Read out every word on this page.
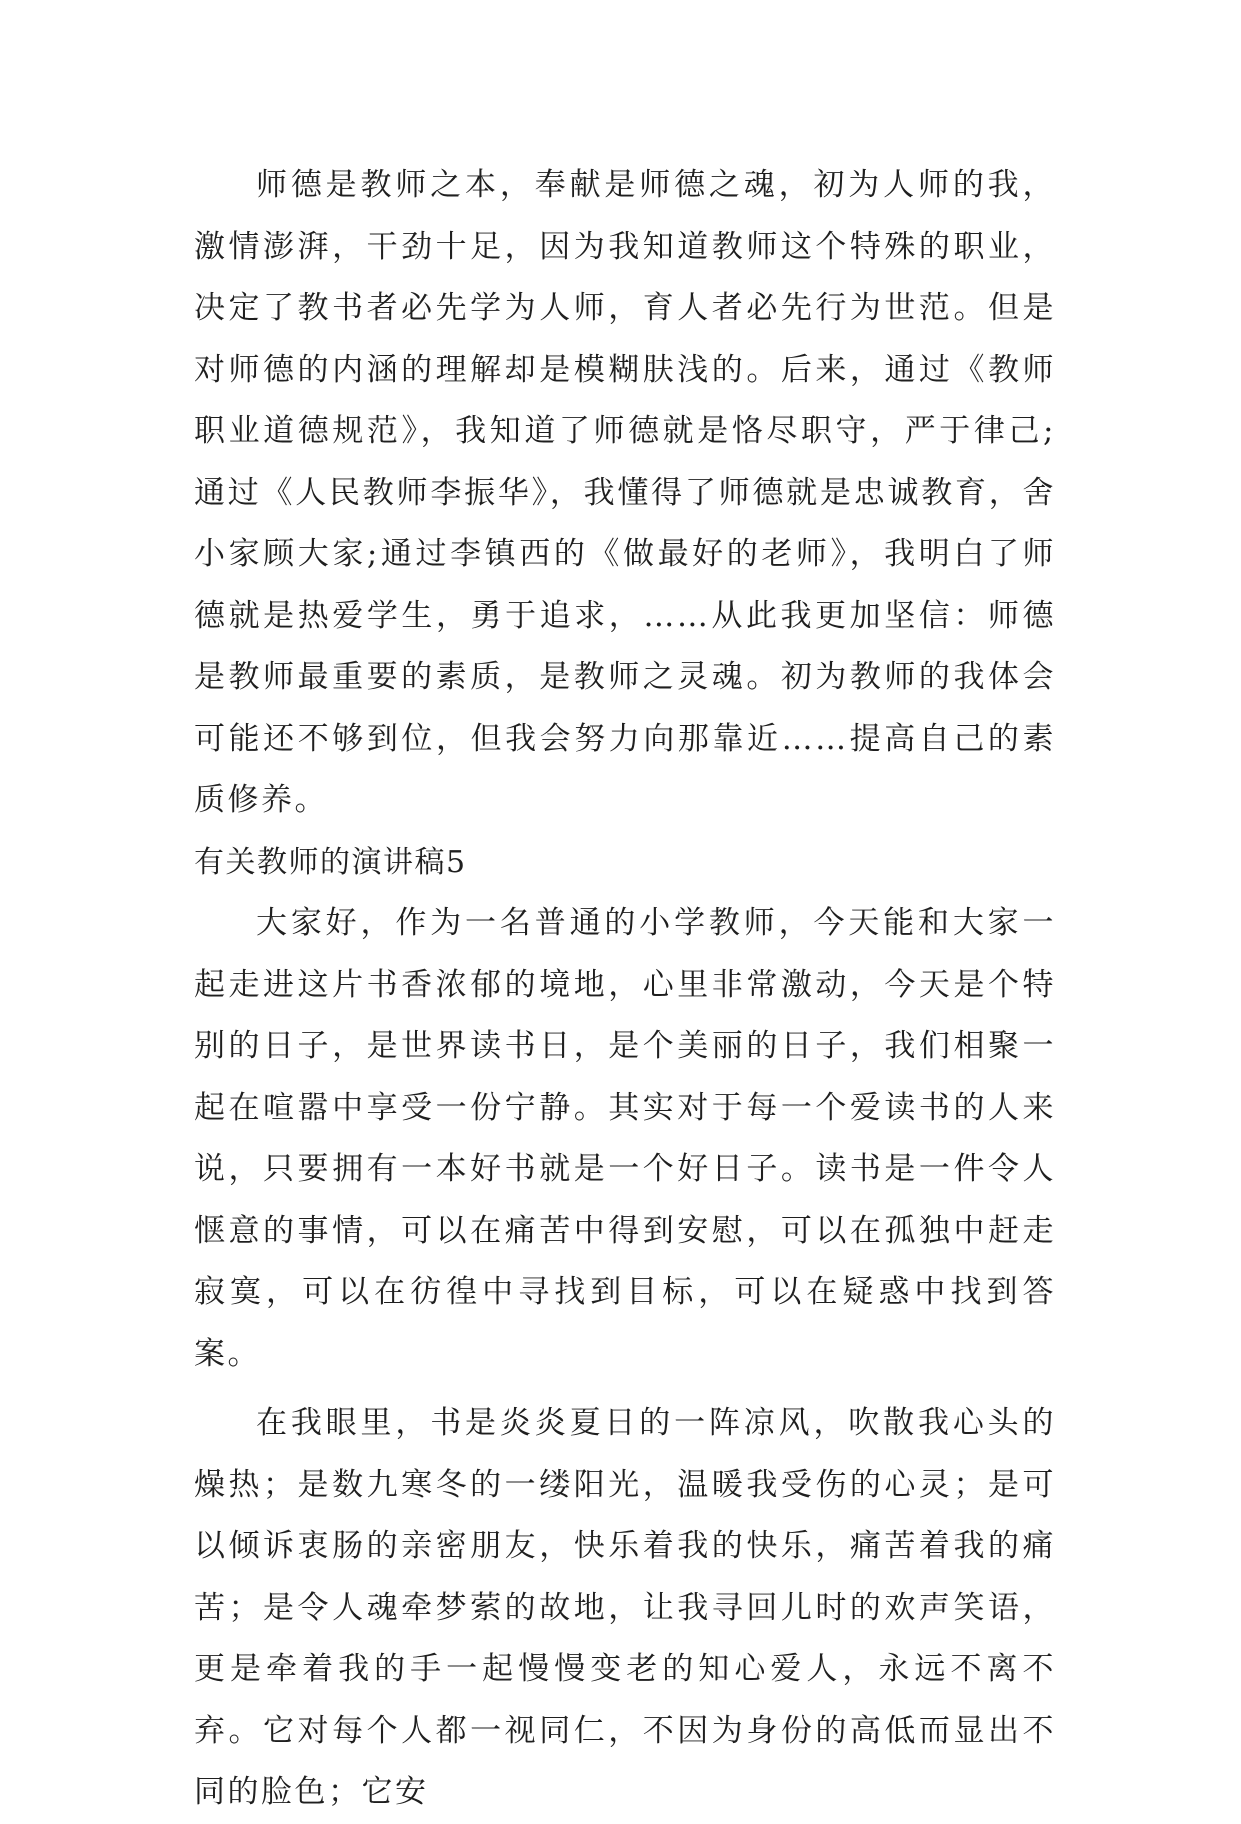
师德是教师之本，奉献是师德之魂，初为人师的我，激情澎湃，干劲十足，因为我知道教师这个特殊的职业，决定了教书者必先学为人师，育人者必先行为世范。但是对师德的内涵的理解却是模糊肤浅的。后来，通过《教师职业道德规范》，我知道了师德就是恪尽职守，严于律己;通过《人民教师李振华》，我懂得了师德就是忠诚教育，舍小家顾大家;通过李镇西的《做最好的老师》，我明白了师德就是热爱学生，勇于追求，……从此我更加坚信：师德是教师最重要的素质，是教师之灵魂。初为教师的我体会可能还不够到位，但我会努力向那靠近……提高自己的素质修养。

有关教师的演讲稿5

大家好，作为一名普通的小学教师，今天能和大家一起走进这片书香浓郁的境地，心里非常激动，今天是个特别的日子，是世界读书日，是个美丽的日子，我们相聚一起在喧嚣中享受一份宁静。其实对于每一个爱读书的人来说，只要拥有一本好书就是一个好日子。读书是一件令人惬意的事情，可以在痛苦中得到安慰，可以在孤独中赶走寂寞，可以在彷徨中寻找到目标，可以在疑惑中找到答案。

在我眼里，书是炎炎夏日的一阵凉风，吹散我心头的燥热；是数九寒冬的一缕阳光，温暖我受伤的心灵；是可以倾诉衷肠的亲密朋友，快乐着我的快乐，痛苦着我的痛苦；是令人魂牵梦萦的故地，让我寻回儿时的欢声笑语，更是牵着我的手一起慢慢变老的知心爱人，永远不离不弃。它对每个人都一视同仁，不因为身份的高低而显出不同的脸色；它安
